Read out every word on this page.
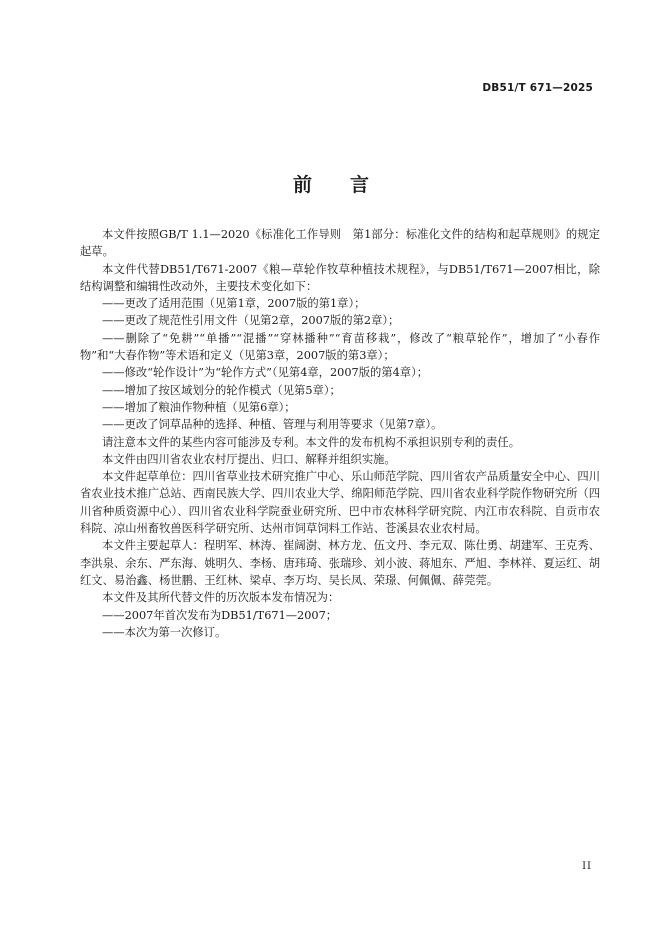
DB51/T 671—2025
前　　言

本文件按照GB/T 1.1—2020《标准化工作导则　第1部分：标准化文件的结构和起草规则》的规定起草。

本文件代替DB51/T671-2007《粮—草轮作牧草种植技术规程》，与DB51/T671—2007相比，除结构调整和编辑性改动外，主要技术变化如下：

——更改了适用范围（见第1章，2007版的第1章）；

——更改了规范性引用文件（见第2章，2007版的第2章）；

——删除了“免耕”“单播”“混播”“穿林播种”“育苗移栽”，修改了“粮草轮作”，增加了“小春作物”和“大春作物”等术语和定义（见第3章，2007版的第3章）；

——修改“轮作设计”为“轮作方式”（见第4章，2007版的第4章）；

——增加了按区域划分的轮作模式（见第5章）；

——增加了粮油作物种植（见第6章）；

——更改了饲草品种的选择、种植、管理与利用等要求（见第7章）。

请注意本文件的某些内容可能涉及专利。本文件的发布机构不承担识别专利的责任。

本文件由四川省农业农村厅提出、归口、解释并组织实施。

本文件起草单位：四川省草业技术研究推广中心、乐山师范学院、四川省农产品质量安全中心、四川省农业技术推广总站、西南民族大学、四川农业大学、绵阳师范学院、四川省农业科学院作物研究所（四川省种质资源中心）、四川省农业科学院蚕业研究所、巴中市农林科学研究院、内江市农科院、自贡市农科院、凉山州畜牧兽医科学研究所、达州市饲草饲料工作站、苍溪县农业农村局。

本文件主要起草人：程明军、林涛、崔阔澍、林方龙、伍文丹、李元双、陈仕勇、胡建军、王克秀、李洪泉、余东、严东海、姚明久、李杨、唐玮琦、张瑞珍、刘小波、蒋旭东、严旭、李林祥、夏运红、胡红文、易治鑫、杨世鹏、王红林、梁卓、李万均、吴长凤、荣璟、何佩佩、薛莞莞。

本文件及其所代替文件的历次版本发布情况为：

——2007年首次发布为DB51/T671—2007；

——本次为第一次修订。

II
